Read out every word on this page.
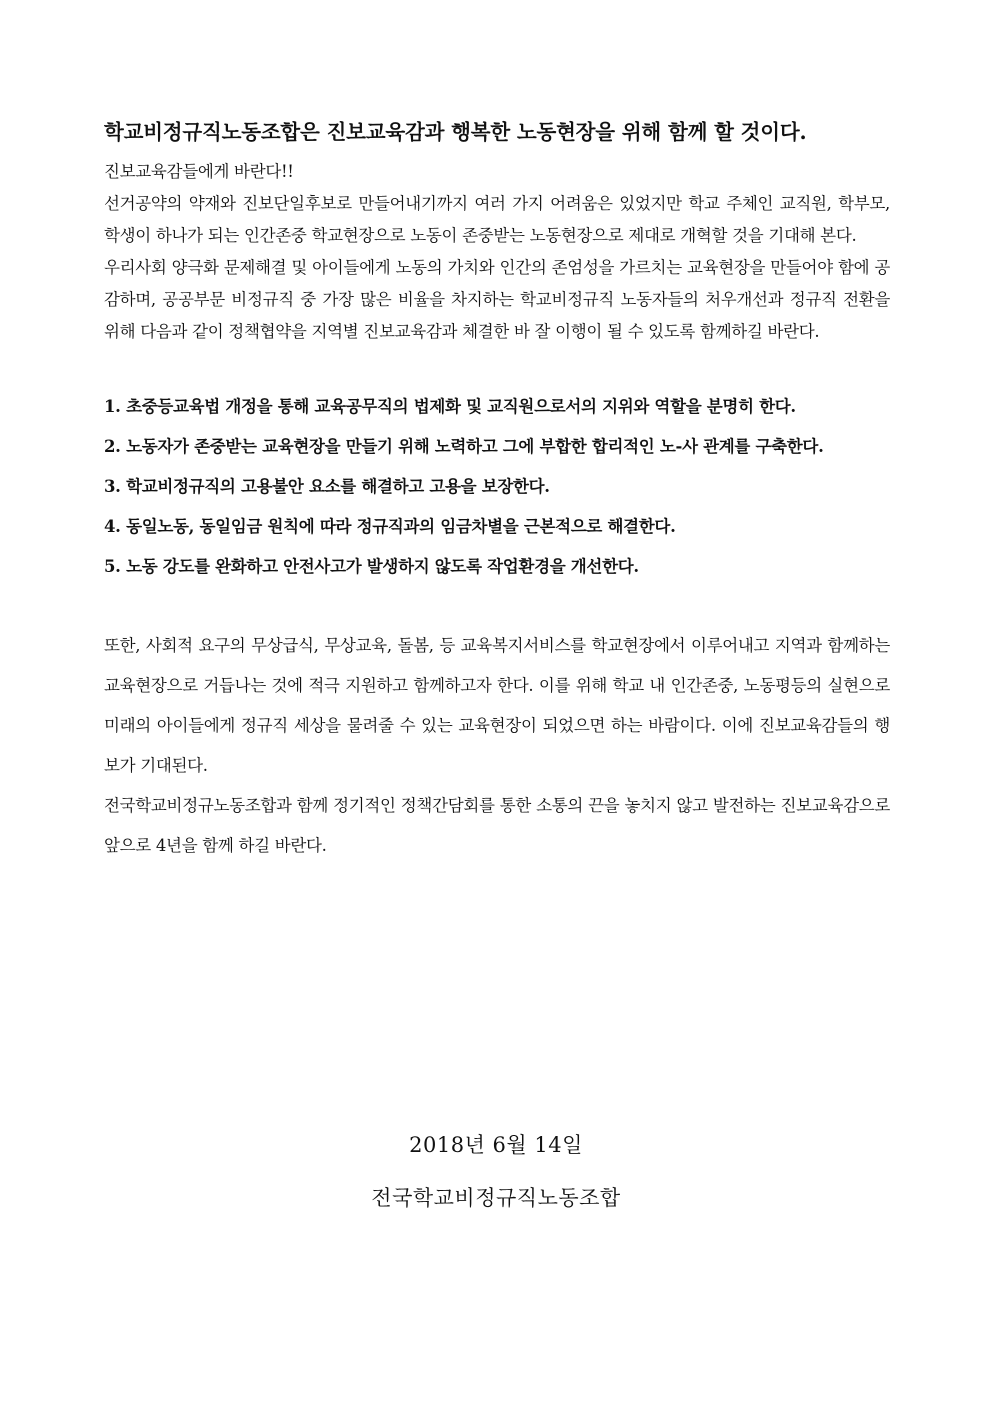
학교비정규직노동조합은 진보교육감과 행복한 노동현장을 위해 함께 할 것이다.

진보교육감들에게 바란다!!

선거공약의 약재와 진보단일후보로 만들어내기까지 여러 가지 어려움은 있었지만 학교 주체인 교직원, 학부모, 학생이 하나가 되는 인간존중 학교현장으로 노동이 존중받는 노동현장으로 제대로 개혁할 것을 기대해 본다.

우리사회 양극화 문제해결 및 아이들에게 노동의 가치와 인간의 존엄성을 가르치는 교육현장을 만들어야 함에 공감하며, 공공부문 비정규직 중 가장 많은 비율을 차지하는 학교비정규직 노동자들의 처우개선과 정규직 전환을 위해 다음과 같이 정책협약을 지역별 진보교육감과 체결한 바 잘 이행이 될 수 있도록 함께하길 바란다.

1. 초중등교육법 개정을 통해 교육공무직의 법제화 및 교직원으로서의 지위와 역할을 분명히 한다.
2. 노동자가 존중받는 교육현장을 만들기 위해 노력하고 그에 부합한 합리적인 노-사 관계를 구축한다.
3. 학교비정규직의 고용불안 요소를 해결하고 고용을 보장한다.
4. 동일노동, 동일임금 원칙에 따라 정규직과의 임금차별을 근본적으로 해결한다.
5. 노동 강도를 완화하고 안전사고가 발생하지 않도록 작업환경을 개선한다.

또한, 사회적 요구의 무상급식, 무상교육, 돌봄, 등 교육복지서비스를 학교현장에서 이루어내고 지역과 함께하는 교육현장으로 거듭나는 것에 적극 지원하고 함께하고자 한다. 이를 위해 학교 내 인간존중, 노동평등의 실현으로 미래의 아이들에게 정규직 세상을 물려줄 수 있는 교육현장이 되었으면 하는 바람이다. 이에 진보교육감들의 행보가 기대된다.

전국학교비정규노동조합과 함께 정기적인 정책간담회를 통한 소통의 끈을 놓치지 않고 발전하는 진보교육감으로 앞으로 4년을 함께 하길 바란다.

2018년 6월 14일
전국학교비정규직노동조합
